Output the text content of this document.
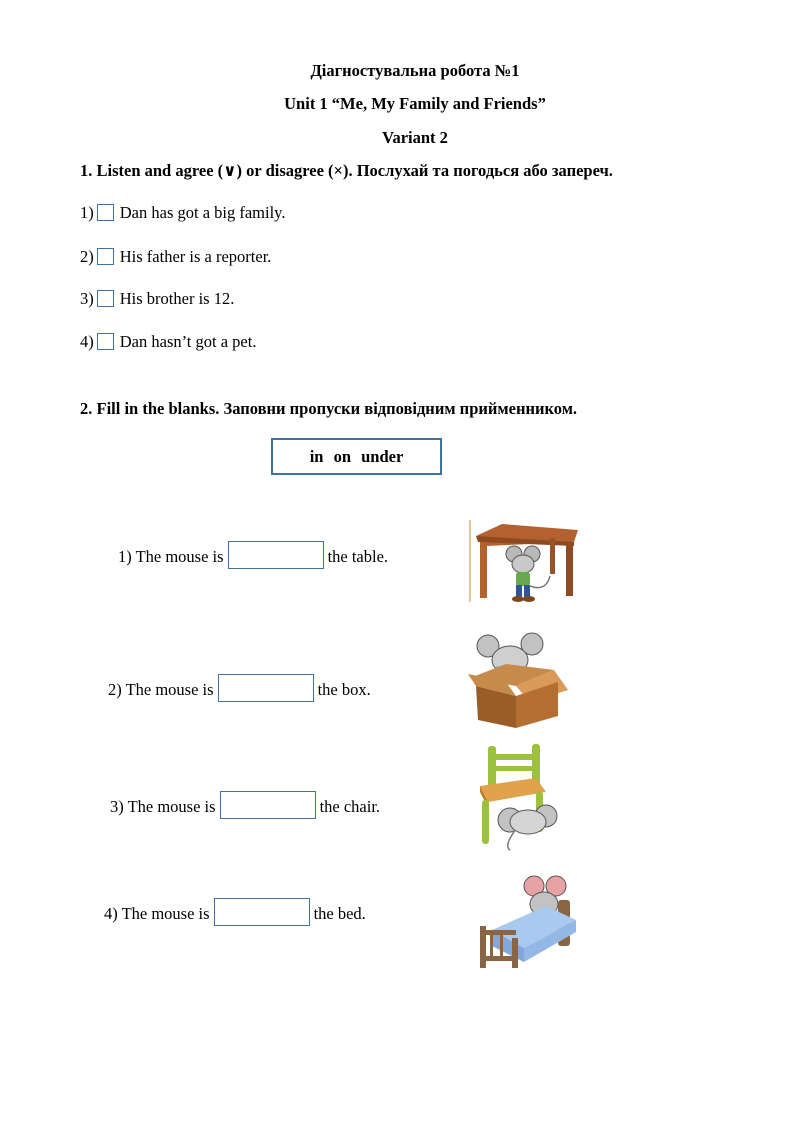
Діагностувальна робота №1
Unit 1 “Me, My Family and Friends”
Variant 2
1. Listen and agree (∨) or disagree (×). Послухай та погодься або запереч.
1) Dan has got a big family.
2) His father is a reporter.
3) His brother is 12.
4) Dan hasn’t got a pet.
2. Fill in the blanks. Заповни пропуски відповідним прийменником.
in on under
1) The mouse is	the table.
2) The mouse is	the box.
3) The mouse is	the chair.
4) The mouse is	the bed.
